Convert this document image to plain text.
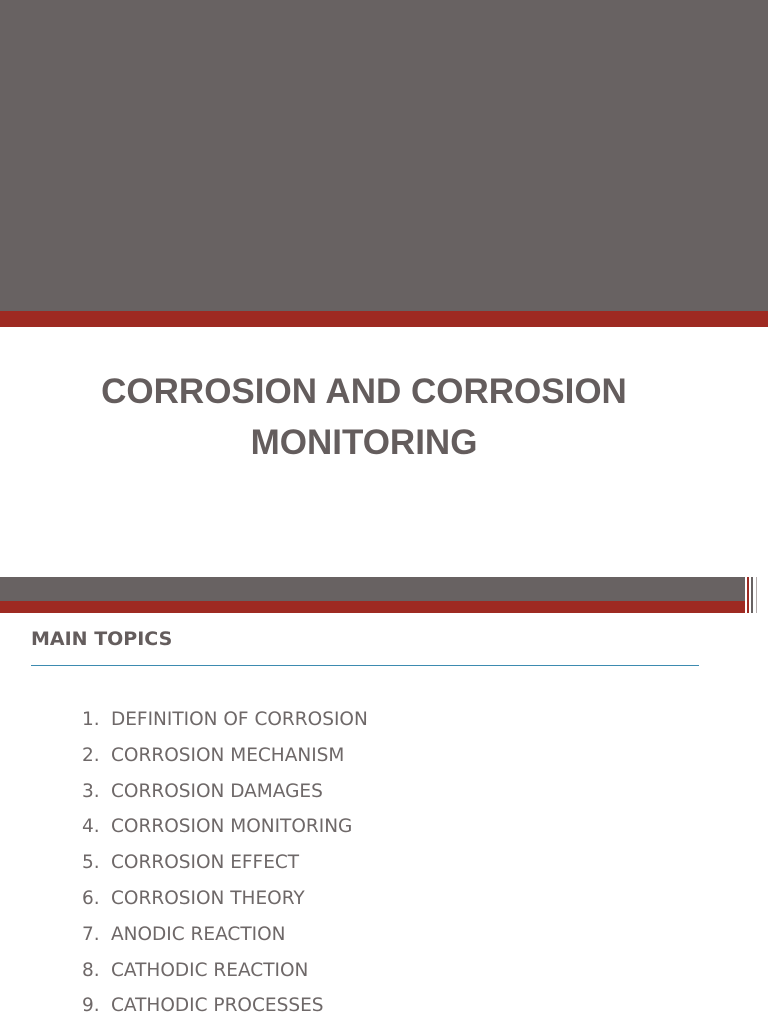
CORROSION AND CORROSION MONITORING
MAIN TOPICS
1. DEFINITION OF CORROSION
2. CORROSION MECHANISM
3. CORROSION DAMAGES
4. CORROSION MONITORING
5. CORROSION EFFECT
6. CORROSION THEORY
7. ANODIC REACTION
8. CATHODIC REACTION
9. CATHODIC PROCESSES
